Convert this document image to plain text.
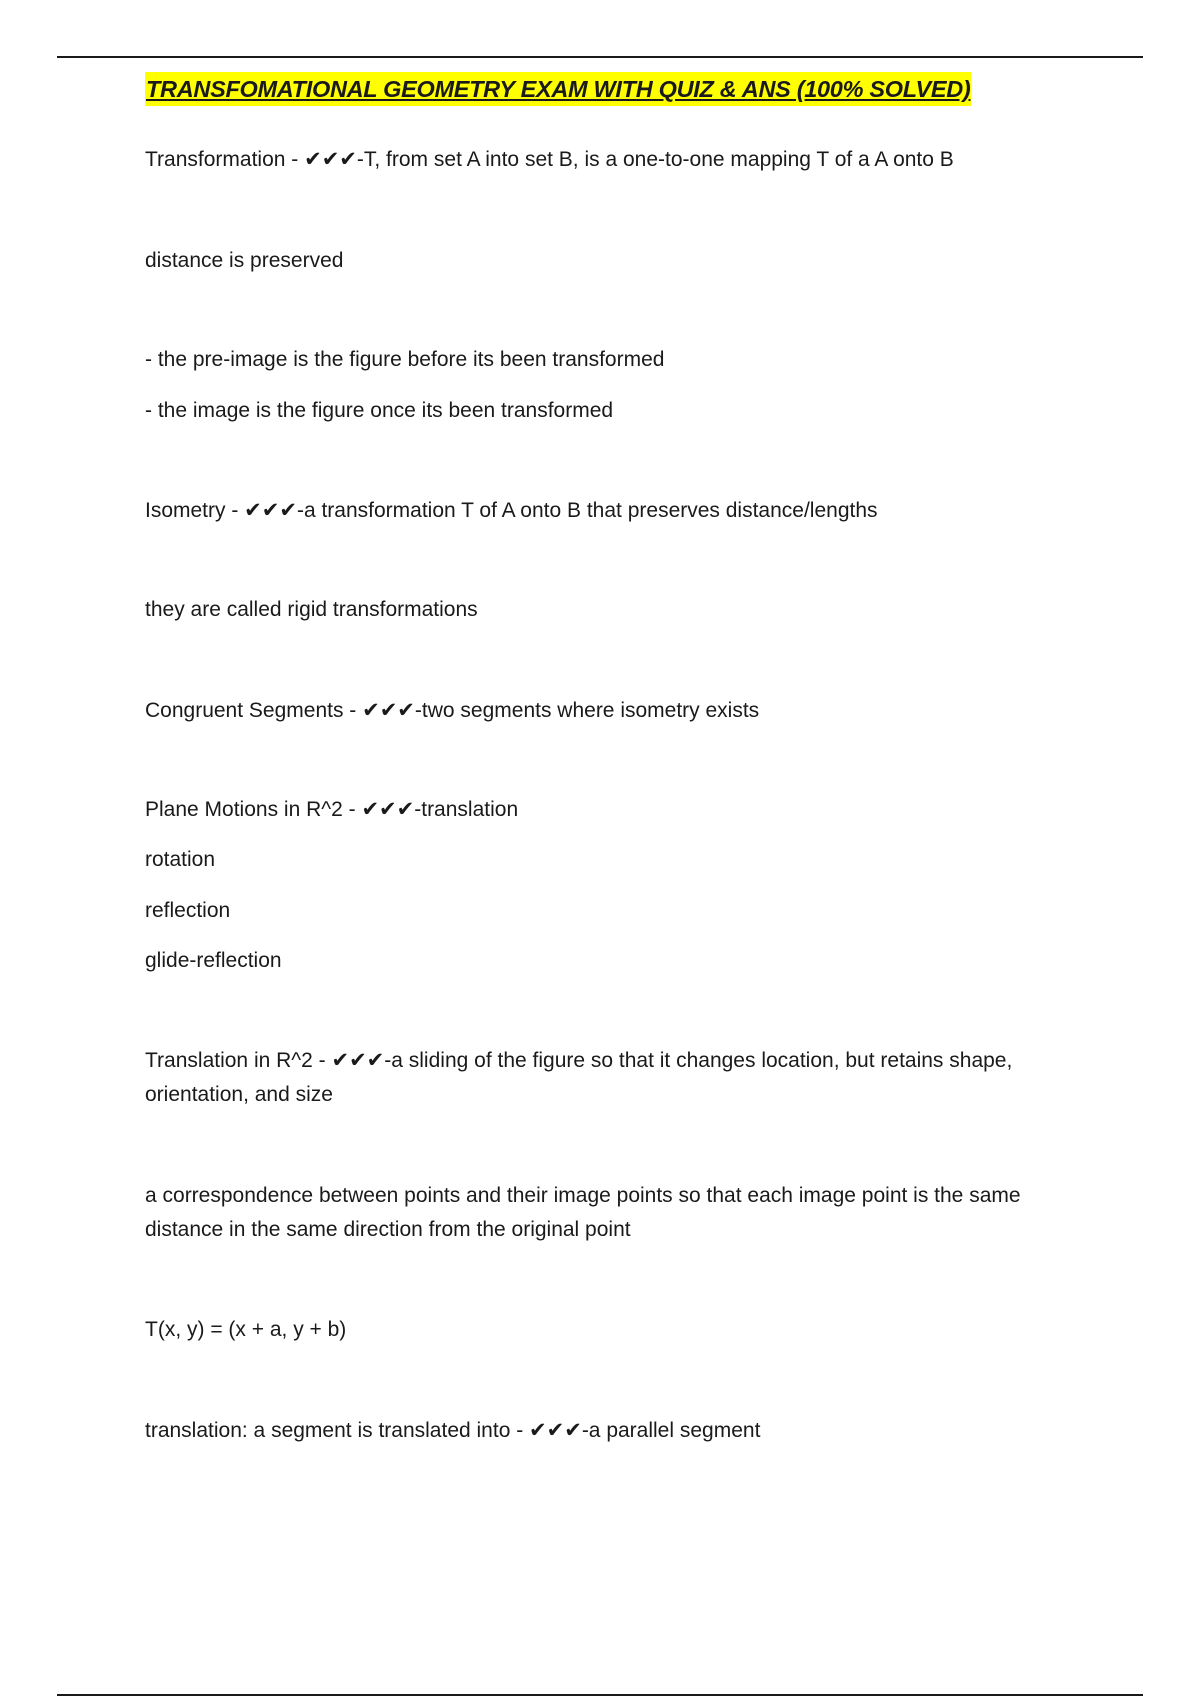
TRANSFOMATIONAL GEOMETRY EXAM WITH QUIZ & ANS (100% SOLVED)
Transformation - ✔✔✔-T, from set A into set B, is a one-to-one mapping T of a A onto B
distance is preserved
- the pre-image is the figure before its been transformed
- the image is the figure once its been transformed
Isometry - ✔✔✔-a transformation T of A onto B that preserves distance/lengths
they are called rigid transformations
Congruent Segments - ✔✔✔-two segments where isometry exists
Plane Motions in R^2 - ✔✔✔-translation
rotation
reflection
glide-reflection
Translation in R^2 - ✔✔✔-a sliding of the figure so that it changes location, but retains shape, orientation, and size
a correspondence between points and their image points so that each image point is the same distance in the same direction from the original point
T(x, y) = (x + a, y + b)
translation: a segment is translated into - ✔✔✔-a parallel segment
